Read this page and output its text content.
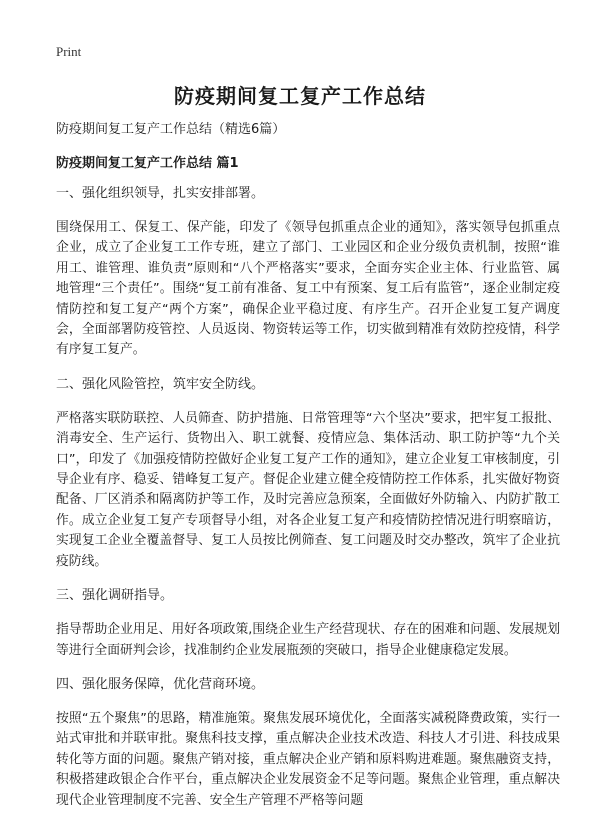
Print
防疫期间复工复产工作总结
防疫期间复工复产工作总结（精选6篇）
防疫期间复工复产工作总结 篇1
一、强化组织领导，扎实安排部署。
围绕保用工、保复工、保产能，印发了《领导包抓重点企业的通知》，落实领导包抓重点企业，成立了企业复工工作专班，建立了部门、工业园区和企业分级负责机制，按照“谁用工、谁管理、谁负责”原则和“八个严格落实”要求，全面夯实企业主体、行业监管、属地管理“三个责任”。围绕“复工前有准备、复工中有预案、复工后有监管”，逐企业制定疫情防控和复工复产“两个方案”，确保企业平稳过度、有序生产。召开企业复工复产调度会，全面部署防疫管控、人员返岗、物资转运等工作，切实做到精准有效防控疫情，科学有序复工复产。
二、强化风险管控，筑牢安全防线。
严格落实联防联控、人员筛查、防护措施、日常管理等“六个坚决”要求，把牢复工报批、消毒安全、生产运行、货物出入、职工就餐、疫情应急、集体活动、职工防护等“九个关口”，印发了《加强疫情防控做好企业复工复产工作的通知》，建立企业复工审核制度，引导企业有序、稳妥、错峰复工复产。督促企业建立健全疫情防控工作体系，扎实做好物资配备、厂区消杀和隔离防护等工作，及时完善应急预案，全面做好外防输入、内防扩散工作。成立企业复工复产专项督导小组，对各企业复工复产和疫情防控情况进行明察暗访，实现复工企业全覆盖督导、复工人员按比例筛查、复工问题及时交办整改，筑牢了企业抗疫防线。
三、强化调研指导。
指导帮助企业用足、用好各项政策,围绕企业生产经营现状、存在的困难和问题、发展规划等进行全面研判会诊，找准制约企业发展瓶颈的突破口，指导企业健康稳定发展。
四、强化服务保障，优化营商环境。
按照“五个聚焦”的思路，精准施策。聚焦发展环境优化，全面落实减税降费政策，实行一站式审批和并联审批。聚焦科技支撑，重点解决企业技术改造、科技人才引进、科技成果转化等方面的问题。聚焦产销对接，重点解决企业产销和原料购进难题。聚焦融资支持，积极搭建政银企合作平台，重点解决企业发展资金不足等问题。聚焦企业管理，重点解决现代企业管理制度不完善、安全生产管理不严格等问题
